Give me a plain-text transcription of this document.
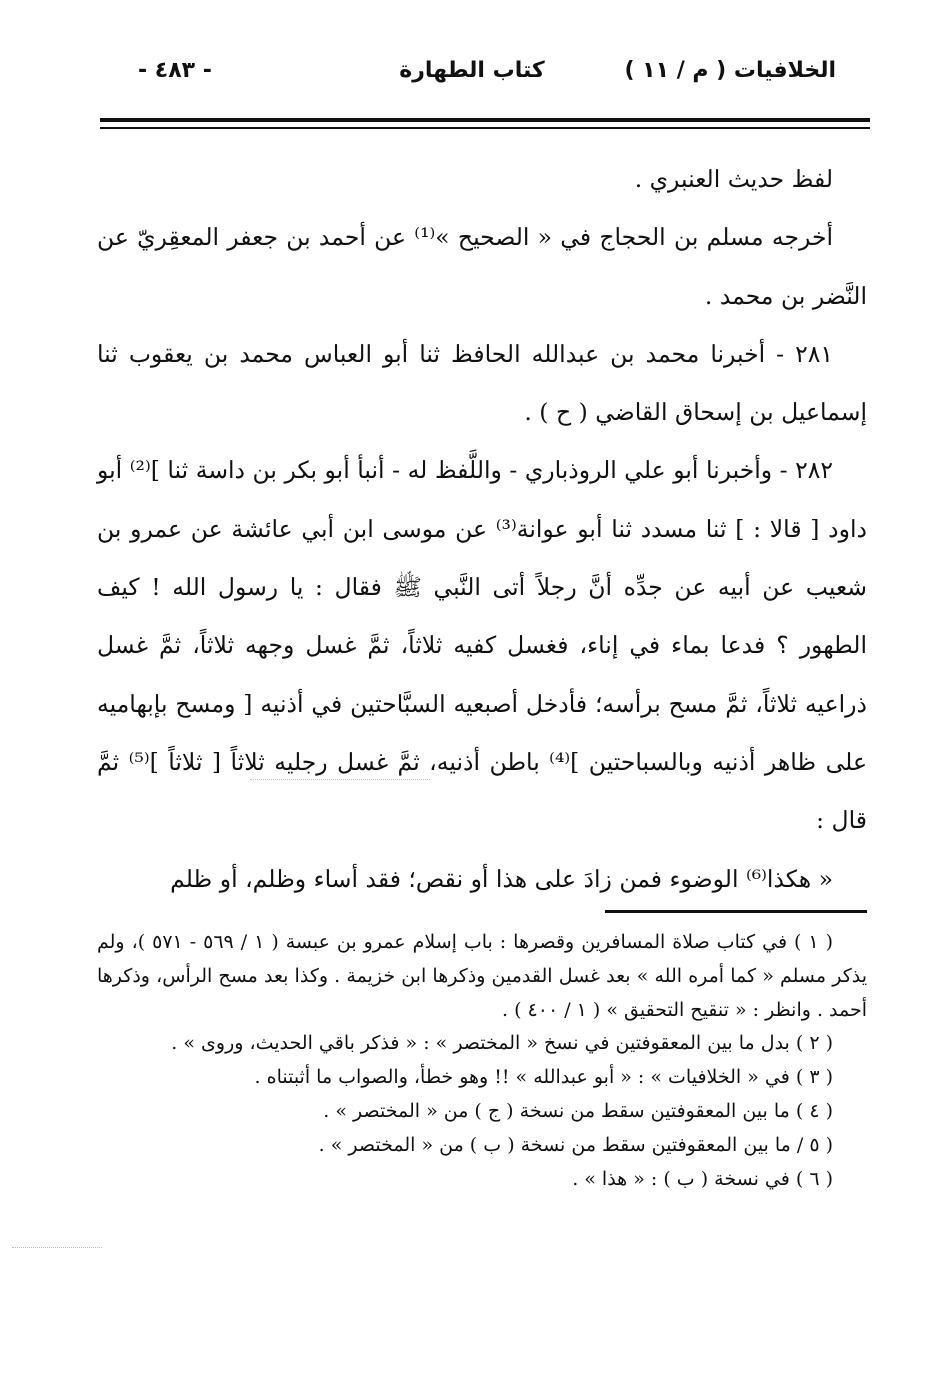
الخلافيات ( م / ١١ )
كتاب الطهارة
- ٤٨٣ -

لفظ حديث العنبري .

أخرجه مسلم بن الحجاج في « الصحيح »⁽¹⁾ عن أحمد بن جعفر المعقِريّ عن النَّضر بن محمد .

٢٨١ - أخبرنا محمد بن عبدالله الحافظ ثنا أبو العباس محمد بن يعقوب ثنا إسماعيل بن إسحاق القاضي ( ح ) .

٢٨٢ - وأخبرنا أبو علي الروذباري - واللَّفظ له - أنبأ أبو بكر بن داسة ثنا ]⁽²⁾ أبو داود [ قالا : ] ثنا مسدد ثنا أبو عوانة⁽³⁾ عن موسى ابن أبي عائشة عن عمرو بن شعيب عن أبيه عن جدِّه أنَّ رجلاً أتى النَّبي ﷺ فقال : يا رسول الله ! كيف الطهور ؟ فدعا بماء في إناء، فغسل كفيه ثلاثاً، ثمَّ غسل وجهه ثلاثاً، ثمَّ غسل ذراعيه ثلاثاً، ثمَّ مسح برأسه؛ فأدخل أصبعيه السبَّاحتين في أذنيه [ ومسح بإبهاميه على ظاهر أذنيه وبالسباحتين ]⁽⁴⁾ باطن أذنيه، ثمَّ غسل رجليه ثلاثاً [ ثلاثاً ]⁽⁵⁾ ثمَّ قال :

« هكذا⁽⁶⁾ الوضوء فمن زادَ على هذا أو نقص؛ فقد أساء وظلم، أو ظلم

( ١ ) في كتاب صلاة المسافرين وقصرها : باب إسلام عمرو بن عبسة ( ١ / ٥٦٩ - ٥٧١ )، ولم يذكر مسلم « كما أمره الله » بعد غسل القدمين وذكرها ابن خزيمة . وكذا بعد مسح الرأس، وذكرها أحمد . وانظر : « تنقيح التحقيق » ( ١ / ٤٠٠ ) .

( ٢ ) بدل ما بين المعقوفتين في نسخ « المختصر » : « فذكر باقي الحديث، وروى » .

( ٣ ) في « الخلافيات » : « أبو عبدالله » !! وهو خطأ، والصواب ما أثبتناه .

( ٤ ) ما بين المعقوفتين سقط من نسخة ( ج ) من « المختصر » .

( ٥ / ما بين المعقوفتين سقط من نسخة ( ب ) من « المختصر » .

( ٦ ) في نسخة ( ب ) : « هذا » .
